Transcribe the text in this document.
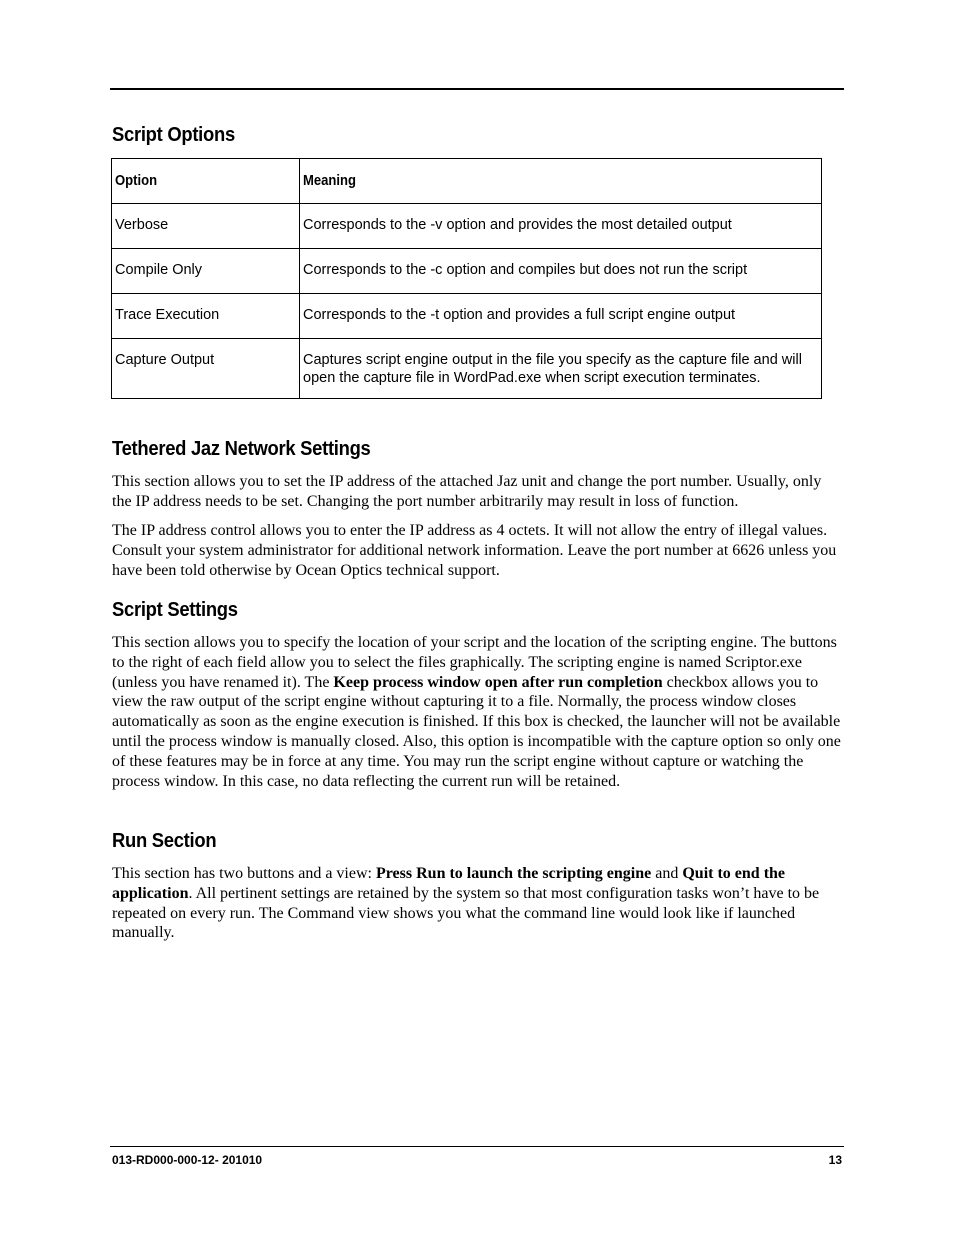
Script Options
Option	Meaning
Verbose	Corresponds to the -v option and provides the most detailed output
Compile Only	Corresponds to the -c option and compiles but does not run the script
Trace Execution	Corresponds to the -t option and provides a full script engine output
Capture Output	Captures script engine output in the file you specify as the capture file and will open the capture file in WordPad.exe when script execution terminates.
Tethered Jaz Network Settings

This section allows you to set the IP address of the attached Jaz unit and change the port number. Usually, only the IP address needs to be set. Changing the port number arbitrarily may result in loss of function.

The IP address control allows you to enter the IP address as 4 octets. It will not allow the entry of illegal values. Consult your system administrator for additional network information. Leave the port number at 6626 unless you have been told otherwise by Ocean Optics technical support.

Script Settings

This section allows you to specify the location of your script and the location of the scripting engine. The buttons to the right of each field allow you to select the files graphically. The scripting engine is named Scriptor.exe (unless you have renamed it). The Keep process window open after run completion checkbox allows you to view the raw output of the script engine without capturing it to a file. Normally, the process window closes automatically as soon as the engine execution is finished. If this box is checked, the launcher will not be available until the process window is manually closed. Also, this option is incompatible with the capture option so only one of these features may be in force at any time. You may run the script engine without capture or watching the process window. In this case, no data reflecting the current run will be retained.

Run Section

This section has two buttons and a view: Press Run to launch the scripting engine and Quit to end the application. All pertinent settings are retained by the system so that most configuration tasks won’t have to be repeated on every run. The Command view shows you what the command line would look like if launched manually.

013-RD000-000-12- 201010	13
